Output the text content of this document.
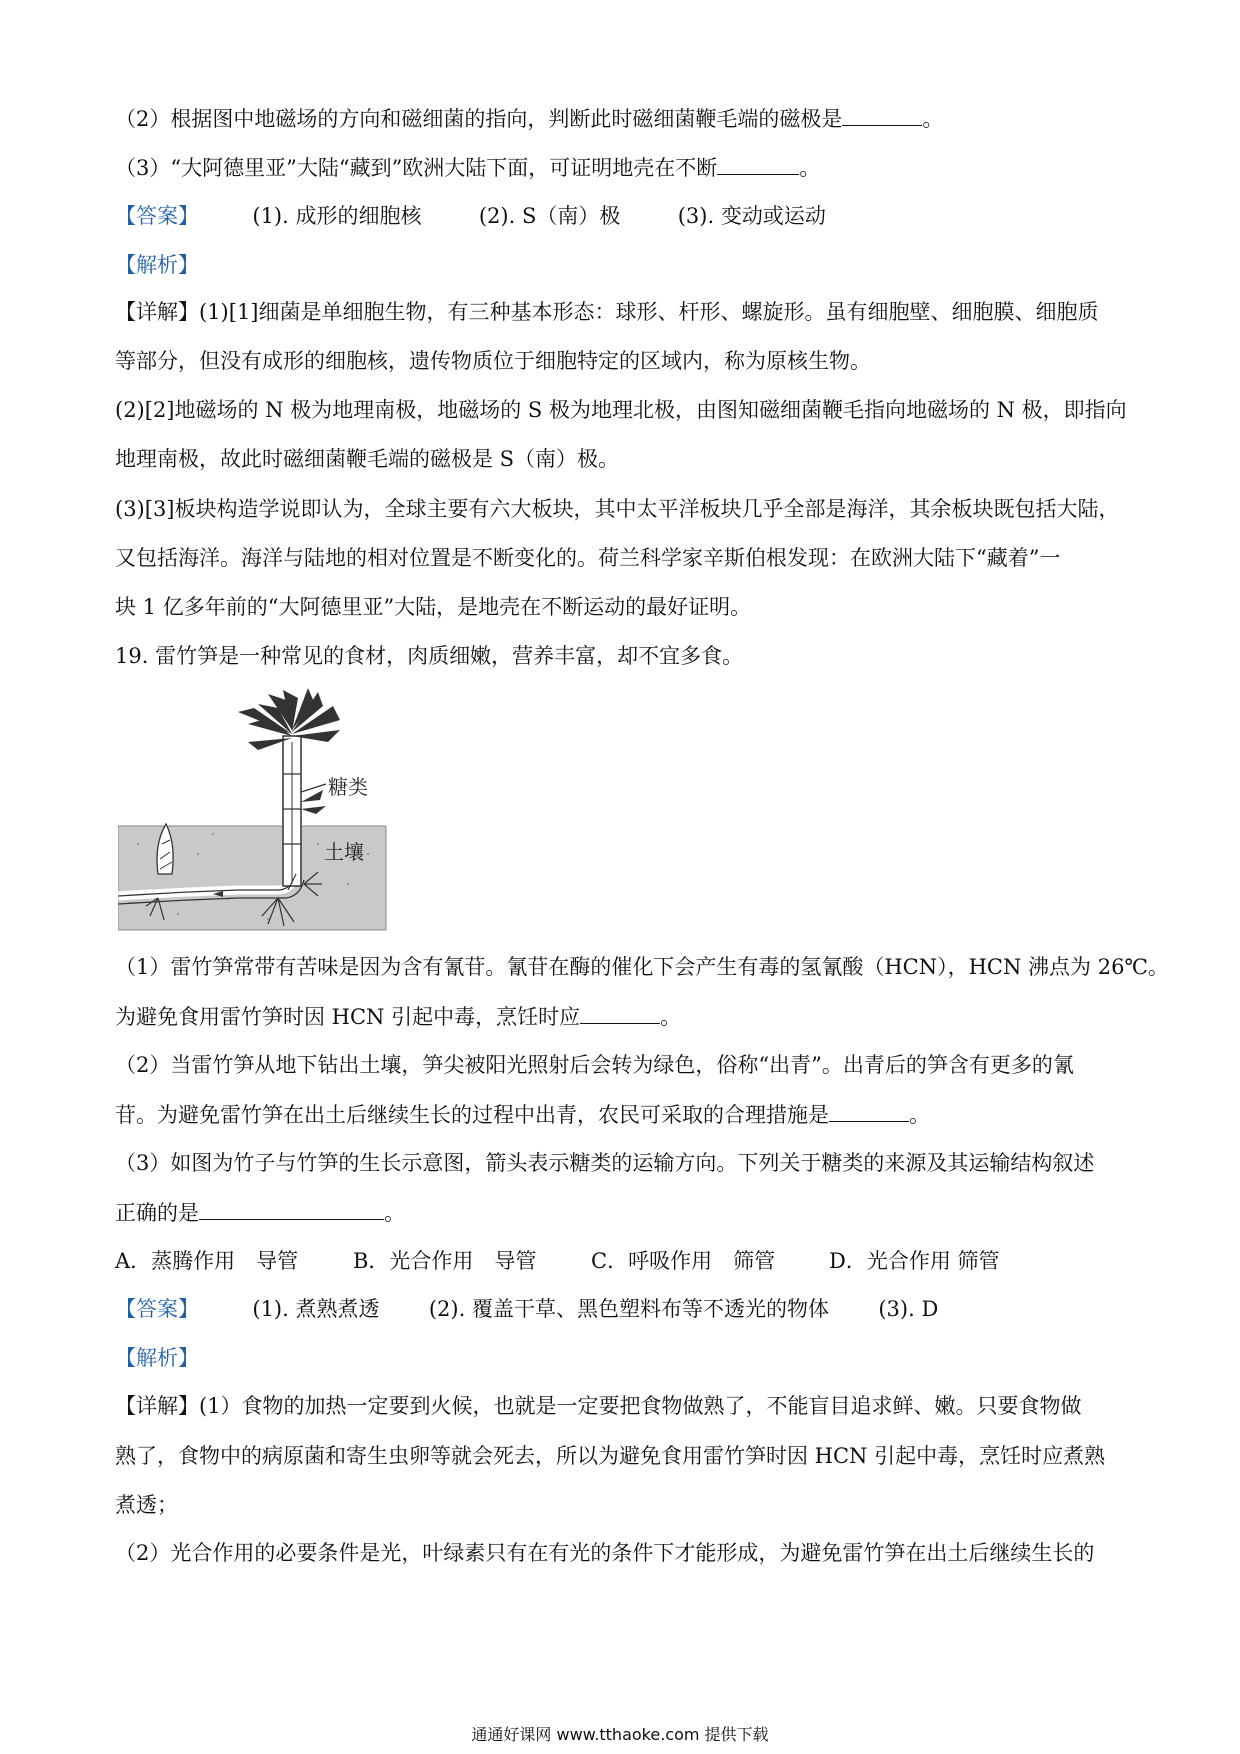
（2）根据图中地磁场的方向和磁细菌的指向，判断此时磁细菌鞭毛端的磁极是	。
（3）“大阿德里亚”大陆“藏到”欧洲大陆下面，可证明地壳在不断	。
【答案】	(1). 成形的细胞核	(2). S（南）极	(3). 变动或运动
【解析】
【详解】(1)[1]细菌是单细胞生物，有三种基本形态：球形、杆形、螺旋形。虽有细胞壁、细胞膜、细胞质
等部分，但没有成形的细胞核，遗传物质位于细胞特定的区域内，称为原核生物。
(2)[2]地磁场的 N 极为地理南极，地磁场的 S 极为地理北极，由图知磁细菌鞭毛指向地磁场的 N 极，即指向
地理南极，故此时磁细菌鞭毛端的磁极是 S（南）极。
(3)[3]板块构造学说即认为，全球主要有六大板块，其中太平洋板块几乎全部是海洋，其余板块既包括大陆，
又包括海洋。海洋与陆地的相对位置是不断变化的。荷兰科学家辛斯伯根发现：在欧洲大陆下“藏着”一
块 1 亿多年前的“大阿德里亚”大陆，是地壳在不断运动的最好证明。
19. 雷竹笋是一种常见的食材，肉质细嫩，营养丰富，却不宜多食。
糖类
土壤
（1）雷竹笋常带有苦味是因为含有氰苷。氰苷在酶的催化下会产生有毒的氢氰酸（HCN），HCN 沸点为 26℃。
为避免食用雷竹笋时因 HCN 引起中毒，烹饪时应	。
（2）当雷竹笋从地下钻出土壤，笋尖被阳光照射后会转为绿色，俗称“出青”。出青后的笋含有更多的氰
苷。为避免雷竹笋在出土后继续生长的过程中出青，农民可采取的合理措施是	。
（3）如图为竹子与竹笋的生长示意图，箭头表示糖类的运输方向。下列关于糖类的来源及其运输结构叙述
正确的是	。
A．蒸腾作用　导管	B．光合作用　导管	C．呼吸作用　筛管	D．光合作用 筛管
【答案】	(1). 煮熟煮透 (2). 覆盖干草、黑色塑料布等不透光的物体 (3). D
【解析】
【详解】(1）食物的加热一定要到火候，也就是一定要把食物做熟了，不能盲目追求鲜、嫩。只要食物做
熟了，食物中的病原菌和寄生虫卵等就会死去，所以为避免食用雷竹笋时因 HCN 引起中毒，烹饪时应煮熟
煮透；
（2）光合作用的必要条件是光，叶绿素只有在有光的条件下才能形成，为避免雷竹笋在出土后继续生长的
通通好课网 www.tthaoke.com 提供下载
